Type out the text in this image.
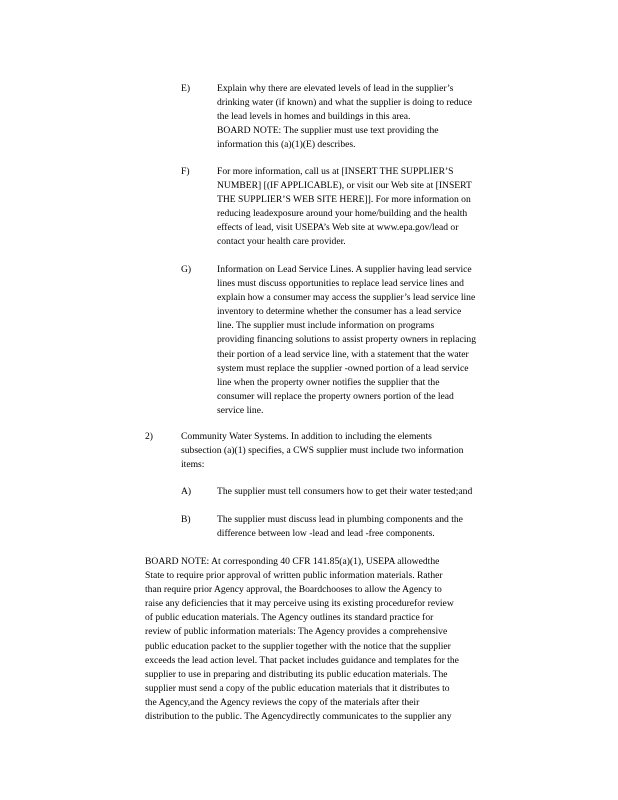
E)	Explain why there are elevated levels of lead in the supplier’s
drinking water (if known) and what the supplier is doing to reduce
the lead levels in homes and buildings in this area.
BOARD NOTE: The supplier must use text providing the
information this (a)(1)(E) describes.
F)	For more information, call us at [INSERT THE SUPPLIER’S
NUMBER] [(IF APPLICABLE), or visit our Web site at [INSERT
THE SUPPLIER’S WEB SITE HERE]]. For more information on
reducing leadexposure around your home/building and the health
effects of lead, visit USEPA’s Web site at www.epa.gov/lead or
contact your health care provider.
G)	Information on Lead Service Lines. A supplier having lead service
lines must discuss opportunities to replace lead service lines and
explain how a consumer may access the supplier’s lead service line
inventory to determine whether the consumer has a lead service
line. The supplier must include information on programs
providing financing solutions to assist property owners in replacing
their portion of a lead service line, with a statement that the water
system must replace the supplier -owned portion of a lead service
line when the property owner notifies the supplier that the
consumer will replace the property owners portion of the lead
service line.
2)	Community Water Systems. In addition to including the elements
subsection (a)(1) specifies, a CWS supplier must include two information
items:
A)	The supplier must tell consumers how to get their water tested;and
B)	The supplier must discuss lead in plumbing components and the
difference between low -lead and lead -free components.
BOARD NOTE: At corresponding 40 CFR 141.85(a)(1), USEPA allowedthe
State to require prior approval of written public information materials. Rather
than require prior Agency approval, the Boardchooses to allow the Agency to
raise any deficiencies that it may perceive using its existing procedurefor review
of public education materials. The Agency outlines its standard practice for
review of public information materials: The Agency provides a comprehensive
public education packet to the supplier together with the notice that the supplier
exceeds the lead action level. That packet includes guidance and templates for the
supplier to use in preparing and distributing its public education materials. The
supplier must send a copy of the public education materials that it distributes to
the Agency,and the Agency reviews the copy of the materials after their
distribution to the public. The Agencydirectly communicates to the supplier any
